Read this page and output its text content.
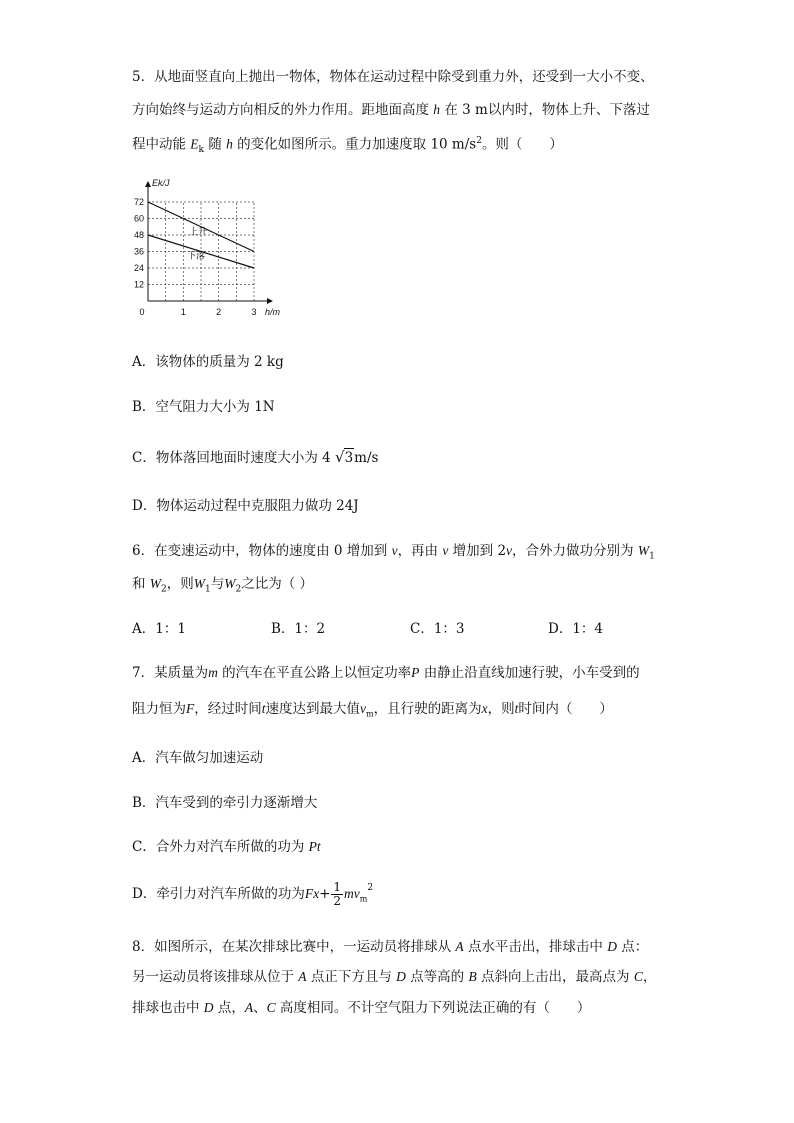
5．从地面竖直向上抛出一物体，物体在运动过程中除受到重力外，还受到一大小不变、
方向始终与运动方向相反的外力作用。距地面高度 h 在 3 m以内时，物体上升、下落过
程中动能 $E_k$ 随 h 的变化如图所示。重力加速度取 10 $m/s^2$。则（　　）
上升
下落
12
24
36
48
60
72
1	2	3
0
Ek/J
h/m
A．该物体的质量为 2 kg
B．空气阻力大小为 1N
C．物体落回地面时速度大小为 4 √3m/s
D．物体运动过程中克服阻力做功 24J
6．在变速运动中，物体的速度由 0 增加到 v，再由 v 增加到 2v，合外力做功分别为 $W_1$
和 $W_2$，则$W_1$与$W_2$之比为（ ）
A．1：1	B．1：2	C．1：3	D．1：4
7．某质量为m 的汽车在平直公路上以恒定功率P 由静止沿直线加速行驶，小车受到的
阻力恒为F，经过时间t速度达到最大值$v_m$，且行驶的距离为x，则t时间内（　　）
A．汽车做匀加速运动
B．汽车受到的牵引力逐渐增大
C．合外力对汽车所做的功为 Pt
D．牵引力对汽车所做的功为$Fx+ \frac{1}{2} mv_m^2$
8．如图所示，在某次排球比赛中，一运动员将排球从 A 点水平击出，排球击中 D 点：
另一运动员将该排球从位于 A 点正下方且与 D 点等高的 B 点斜向上击出，最高点为 C，
排球也击中 D 点，A、C 高度相同。不计空气阻力下列说法正确的有（　　）
